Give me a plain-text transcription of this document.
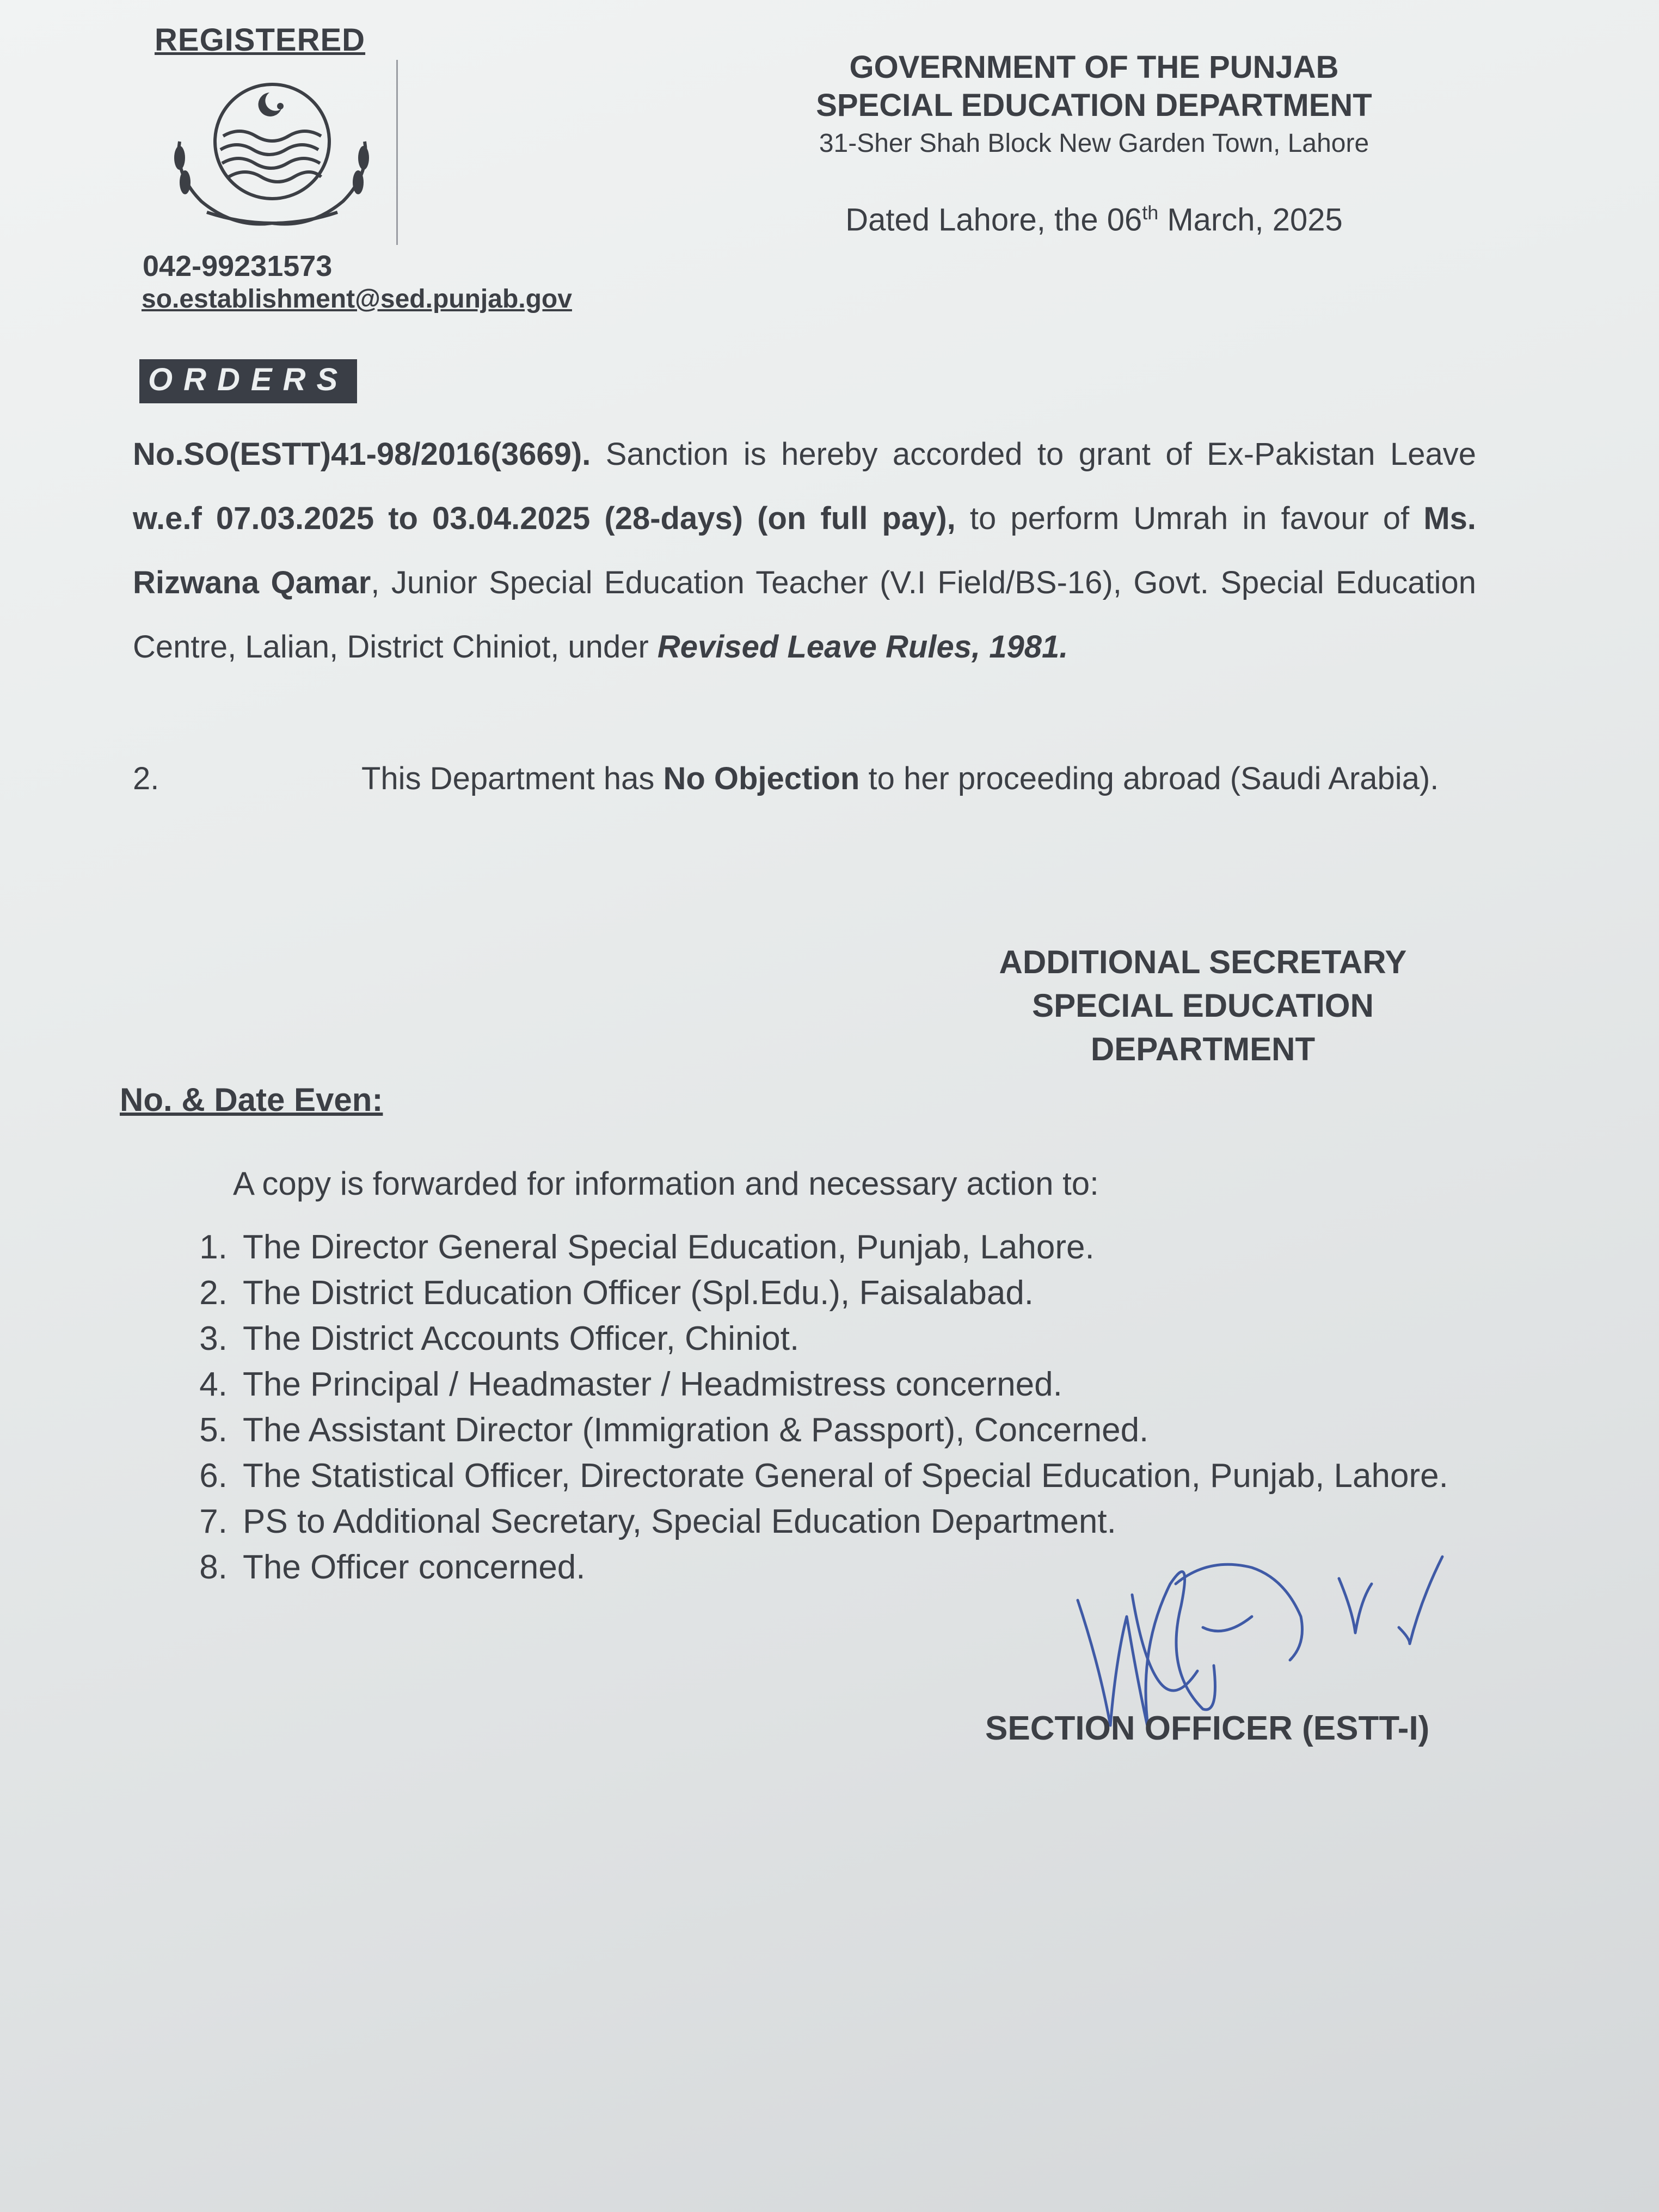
REGISTERED
042-99231573
so.establishment@sed.punjab.gov
GOVERNMENT OF THE PUNJAB
SPECIAL EDUCATION DEPARTMENT
31-Sher Shah Block New Garden Town, Lahore
Dated Lahore, the 06th March, 2025
ORDERS
No.SO(ESTT)41-98/2016(3669). Sanction is hereby accorded to grant of Ex-Pakistan Leave w.e.f 07.03.2025 to 03.04.2025 (28-days) (on full pay), to perform Umrah in favour of Ms. Rizwana Qamar, Junior Special Education Teacher (V.I Field/BS-16), Govt. Special Education Centre, Lalian, District Chiniot, under Revised Leave Rules, 1981.
2.	This Department has No Objection to her proceeding abroad (Saudi Arabia).
ADDITIONAL SECRETARY
SPECIAL EDUCATION
DEPARTMENT
No. & Date Even:
A copy is forwarded for information and necessary action to:
1. The Director General Special Education, Punjab, Lahore.
2. The District Education Officer (Spl.Edu.), Faisalabad.
3. The District Accounts Officer, Chiniot.
4. The Principal / Headmaster / Headmistress concerned.
5. The Assistant Director (Immigration & Passport), Concerned.
6. The Statistical Officer, Directorate General of Special Education, Punjab, Lahore.
7. PS to Additional Secretary, Special Education Department.
8. The Officer concerned.
SECTION OFFICER (ESTT-I)
